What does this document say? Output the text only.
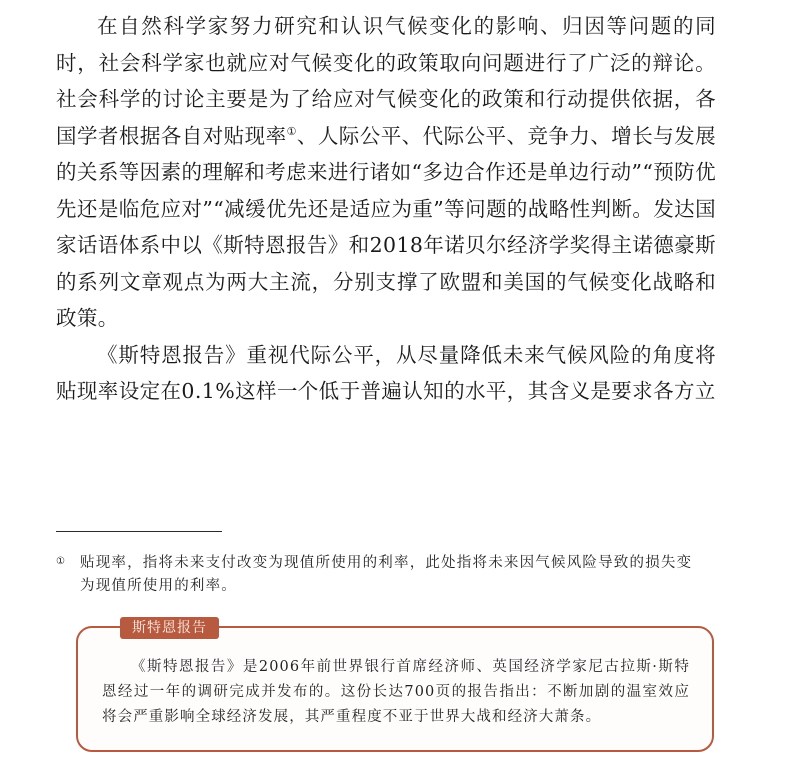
在自然科学家努力研究和认识气候变化的影响、归因等问题的同时，社会科学家也就应对气候变化的政策取向问题进行了广泛的辩论。社会科学的讨论主要是为了给应对气候变化的政策和行动提供依据，各国学者根据各自对贴现率①、人际公平、代际公平、竞争力、增长与发展的关系等因素的理解和考虑来进行诸如“多边合作还是单边行动”“预防优先还是临危应对”“减缓优先还是适应为重”等问题的战略性判断。发达国家话语体系中以《斯特恩报告》和2018年诺贝尔经济学奖得主诺德豪斯的系列文章观点为两大主流，分别支撑了欧盟和美国的气候变化战略和政策。

《斯特恩报告》重视代际公平，从尽量降低未来气候风险的角度将贴现率设定在0.1%这样一个低于普遍认知的水平，其含义是要求各方立

①	贴现率，指将未来支付改变为现值所使用的利率，此处指将未来因气候风险导致的损失变为现值所使用的利率。
斯特恩报告

《斯特恩报告》是2006年前世界银行首席经济师、英国经济学家尼古拉斯·斯特恩经过一年的调研完成并发布的。这份长达700页的报告指出：不断加剧的温室效应将会严重影响全球经济发展，其严重程度不亚于世界大战和经济大萧条。
